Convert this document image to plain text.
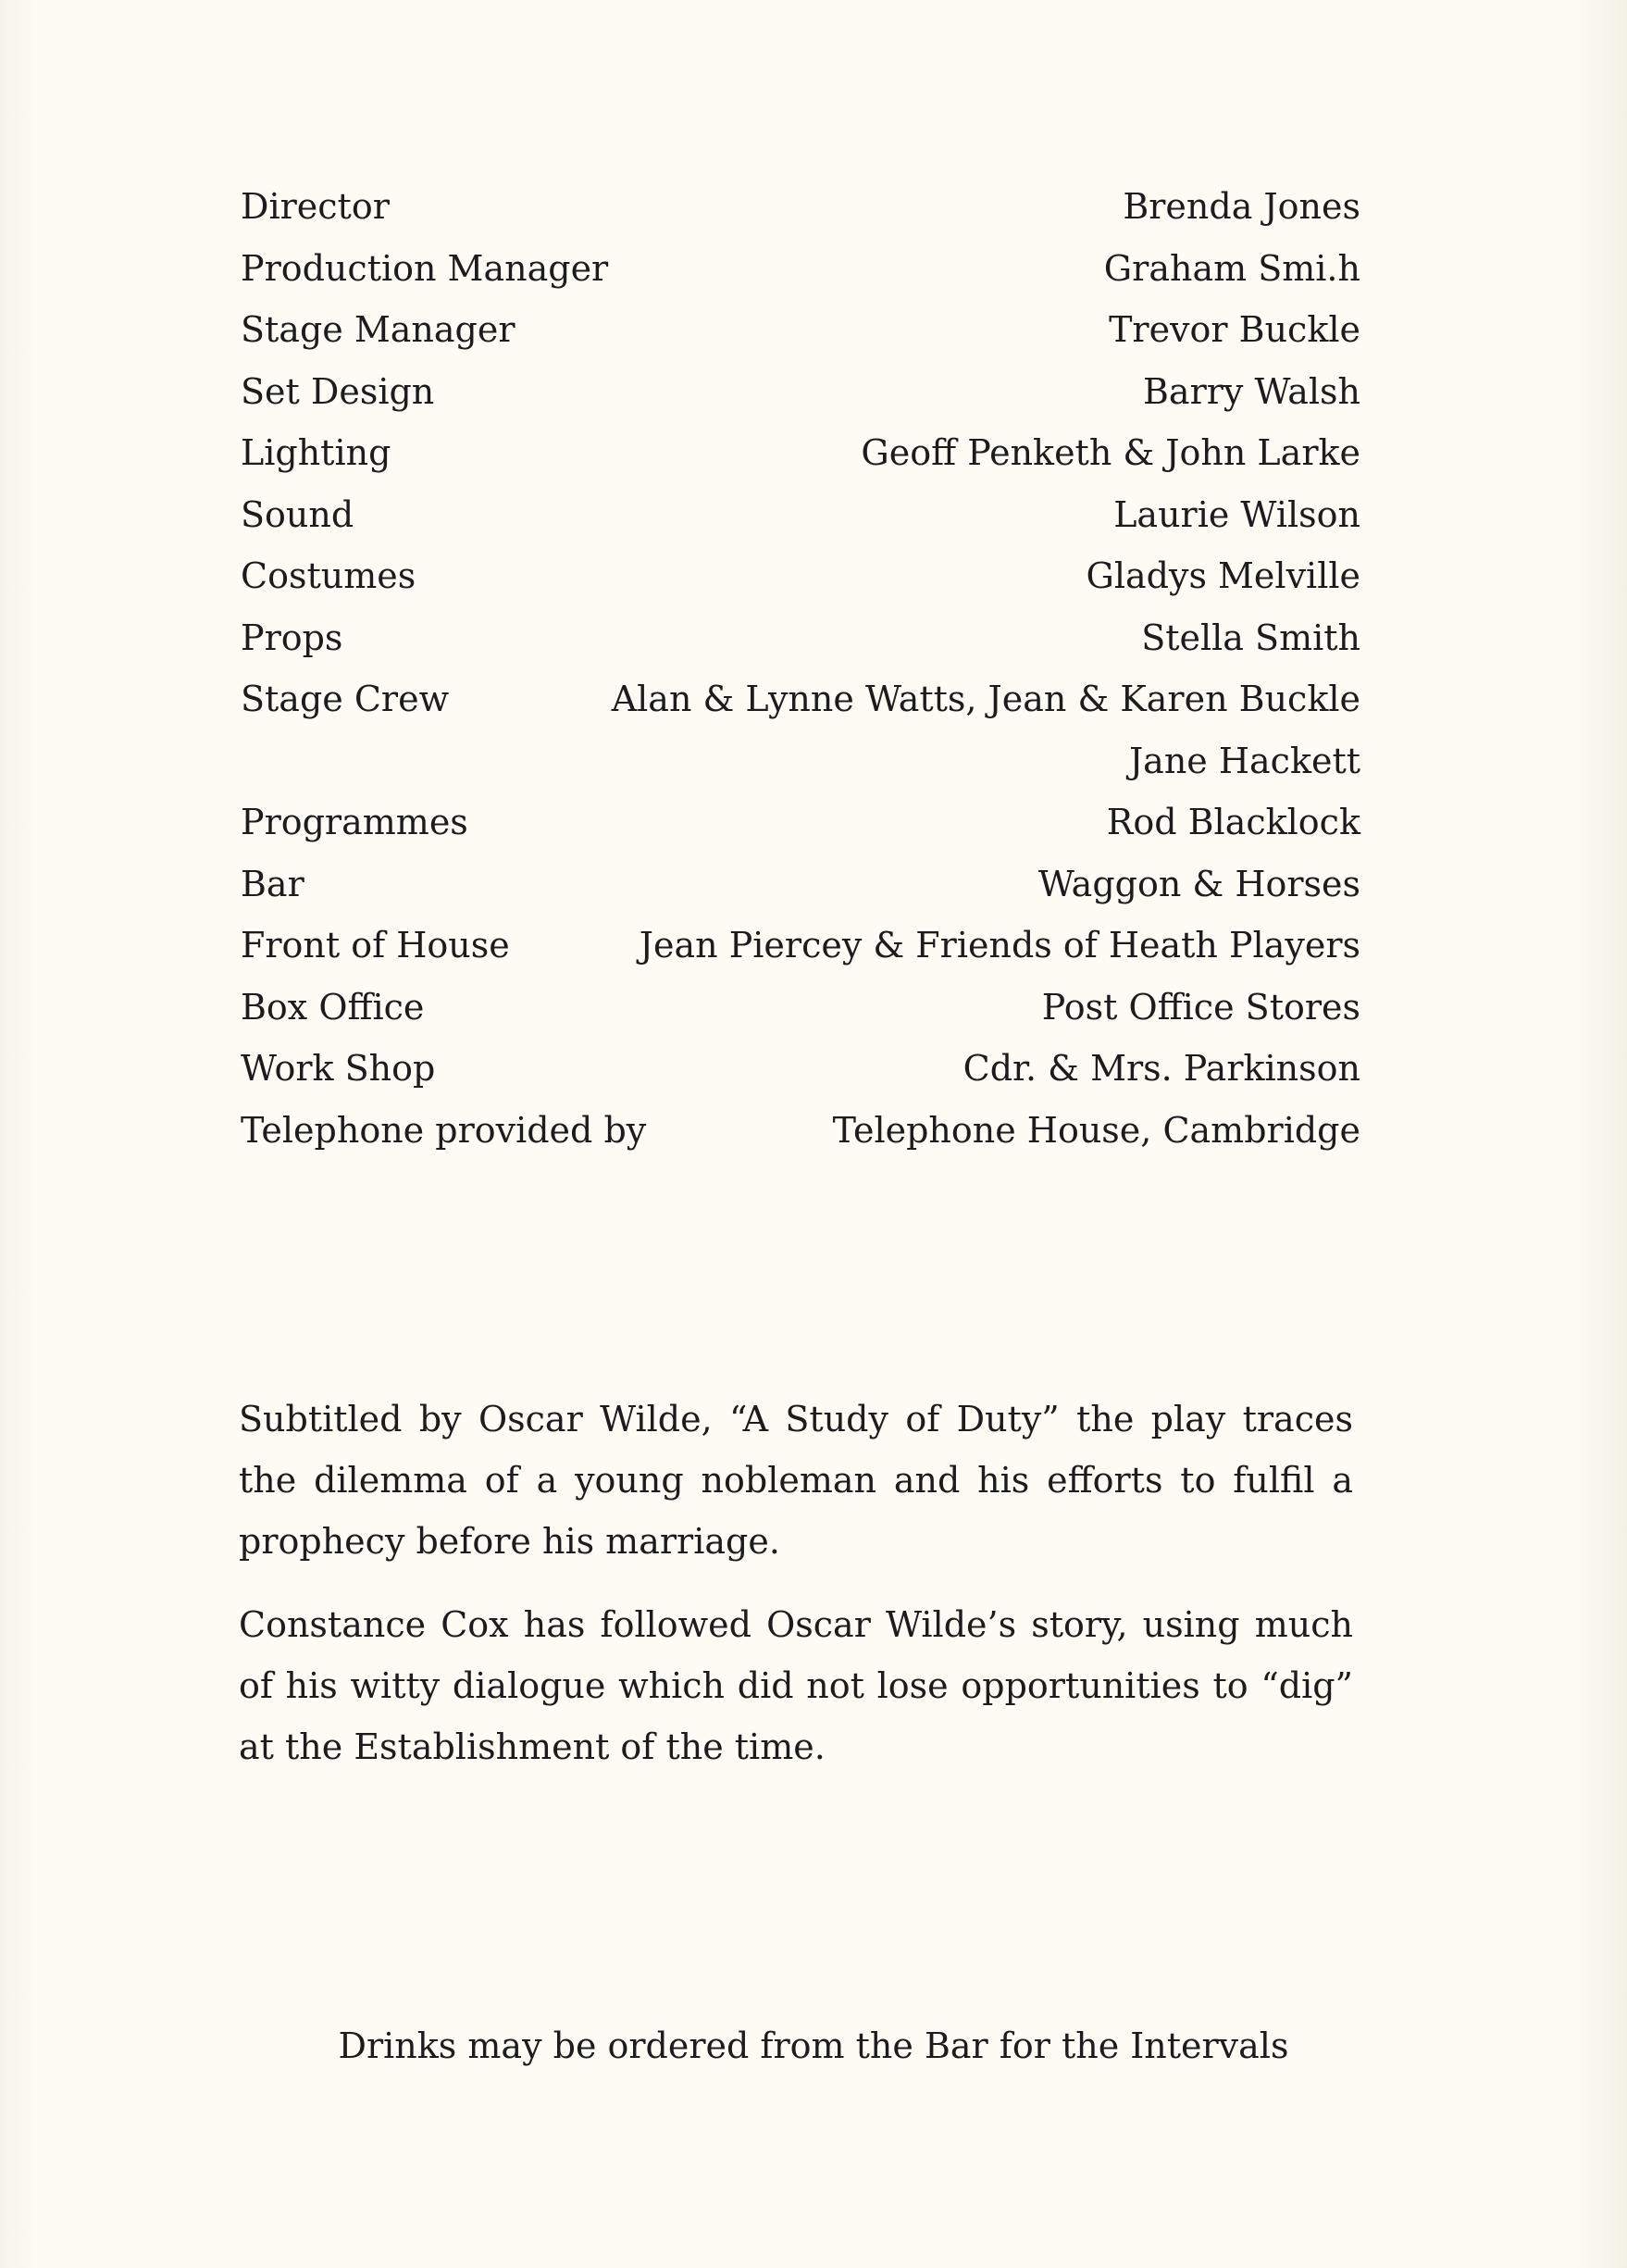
Director	Brenda Jones
Production Manager	Graham Smi.h
Stage Manager	Trevor Buckle
Set Design	Barry Walsh
Lighting	Geoff Penketh & John Larke
Sound	Laurie Wilson
Costumes	Gladys Melville
Props	Stella Smith
Stage Crew	Alan & Lynne Watts, Jean & Karen Buckle
Jane Hackett
Programmes	Rod Blacklock
Bar	Waggon & Horses
Front of House	Jean Piercey & Friends of Heath Players
Box Office	Post Office Stores
Work Shop	Cdr. & Mrs. Parkinson
Telephone provided by	Telephone House, Cambridge

Subtitled by Oscar Wilde, “A Study of Duty” the play traces the dilemma of a young nobleman and his efforts to fulfil a prophecy before his marriage.

Constance Cox has followed Oscar Wilde’s story, using much of his witty dialogue which did not lose opportunities to “dig” at the Establishment of the time.

Drinks may be ordered from the Bar for the Intervals
